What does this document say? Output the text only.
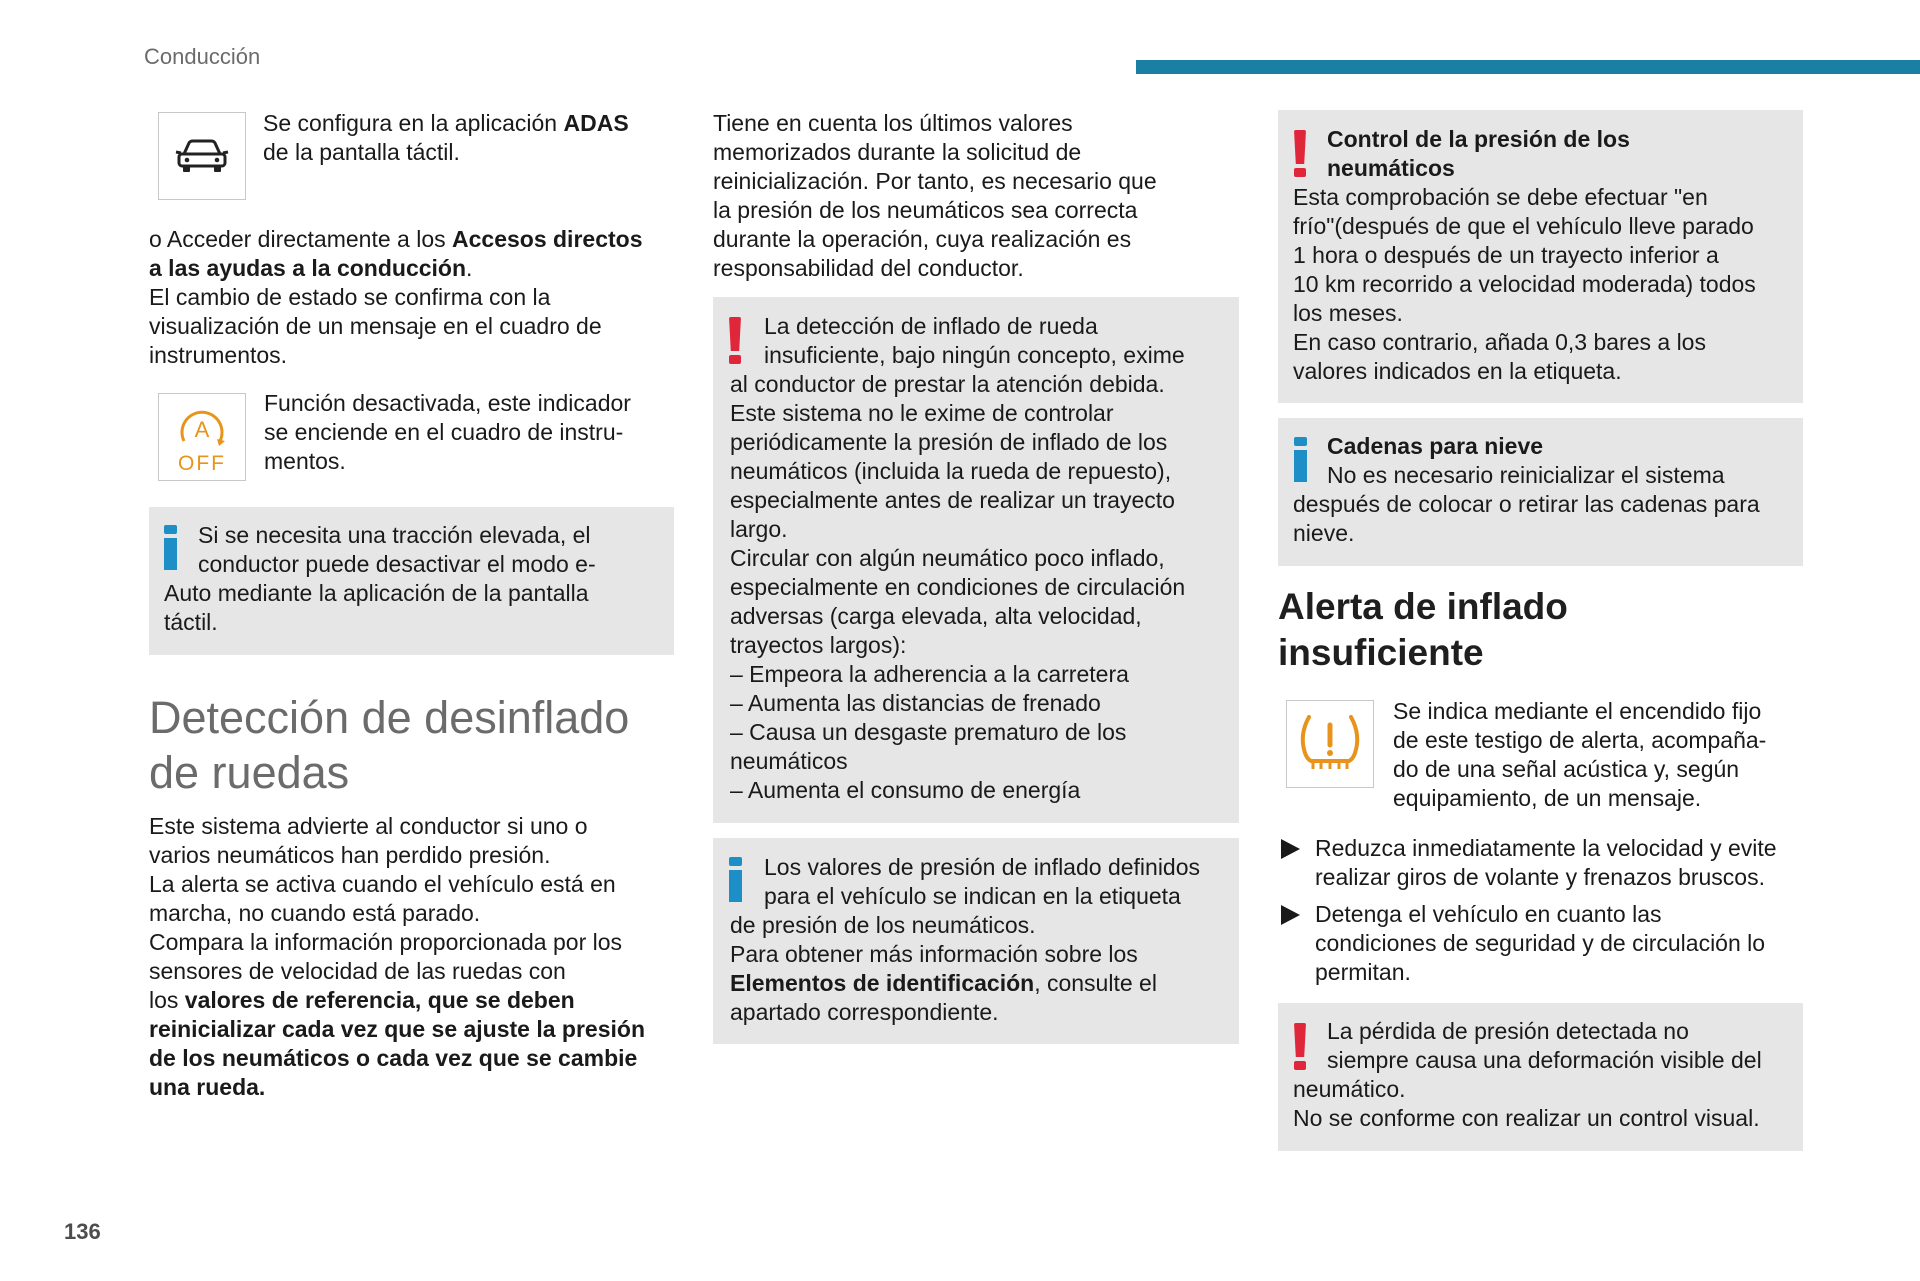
Conducción
136
Se configura en la aplicación ADAS
de la pantalla táctil.
o Acceder directamente a los Accesos directos
a las ayudas a la conducción.
El cambio de estado se confirma con la
visualización de un mensaje en el cuadro de
instrumentos.
A
OFF
Función desactivada, este indicador
se enciende en el cuadro de instru-
mentos.
Si se necesita una tracción elevada, el
conductor puede desactivar el modo e-
Auto mediante la aplicación de la pantalla
táctil.
Detección de desinflado
de ruedas
Este sistema advierte al conductor si uno o
varios neumáticos han perdido presión.
La alerta se activa cuando el vehículo está en
marcha, no cuando está parado.
Compara la información proporcionada por los
sensores de velocidad de las ruedas con
los valores de referencia, que se deben
reinicializar cada vez que se ajuste la presión
de los neumáticos o cada vez que se cambie
una rueda.
Tiene en cuenta los últimos valores
memorizados durante la solicitud de
reinicialización. Por tanto, es necesario que
la presión de los neumáticos sea correcta
durante la operación, cuya realización es
responsabilidad del conductor.
La detección de inflado de rueda
insuficiente, bajo ningún concepto, exime
al conductor de prestar la atención debida.
Este sistema no le exime de controlar
periódicamente la presión de inflado de los
neumáticos (incluida la rueda de repuesto),
especialmente antes de realizar un trayecto
largo.
Circular con algún neumático poco inflado,
especialmente en condiciones de circulación
adversas (carga elevada, alta velocidad,
trayectos largos):
– Empeora la adherencia a la carretera
– Aumenta las distancias de frenado
– Causa un desgaste prematuro de los
neumáticos
– Aumenta el consumo de energía
Los valores de presión de inflado definidos
para el vehículo se indican en la etiqueta
de presión de los neumáticos.
Para obtener más información sobre los
Elementos de identificación, consulte el
apartado correspondiente.
Control de la presión de los
neumáticos
Esta comprobación se debe efectuar "en
frío"(después de que el vehículo lleve parado
1 hora o después de un trayecto inferior a
10 km recorrido a velocidad moderada) todos
los meses.
En caso contrario, añada 0,3 bares a los
valores indicados en la etiqueta.
Cadenas para nieve
No es necesario reinicializar el sistema
después de colocar o retirar las cadenas para
nieve.
Alerta de inflado
insuficiente
Se indica mediante el encendido fijo
de este testigo de alerta, acompaña-
do de una señal acústica y, según
equipamiento, de un mensaje.
Reduzca inmediatamente la velocidad y evite
realizar giros de volante y frenazos bruscos.
Detenga el vehículo en cuanto las
condiciones de seguridad y de circulación lo
permitan.
La pérdida de presión detectada no
siempre causa una deformación visible del
neumático.
No se conforme con realizar un control visual.
